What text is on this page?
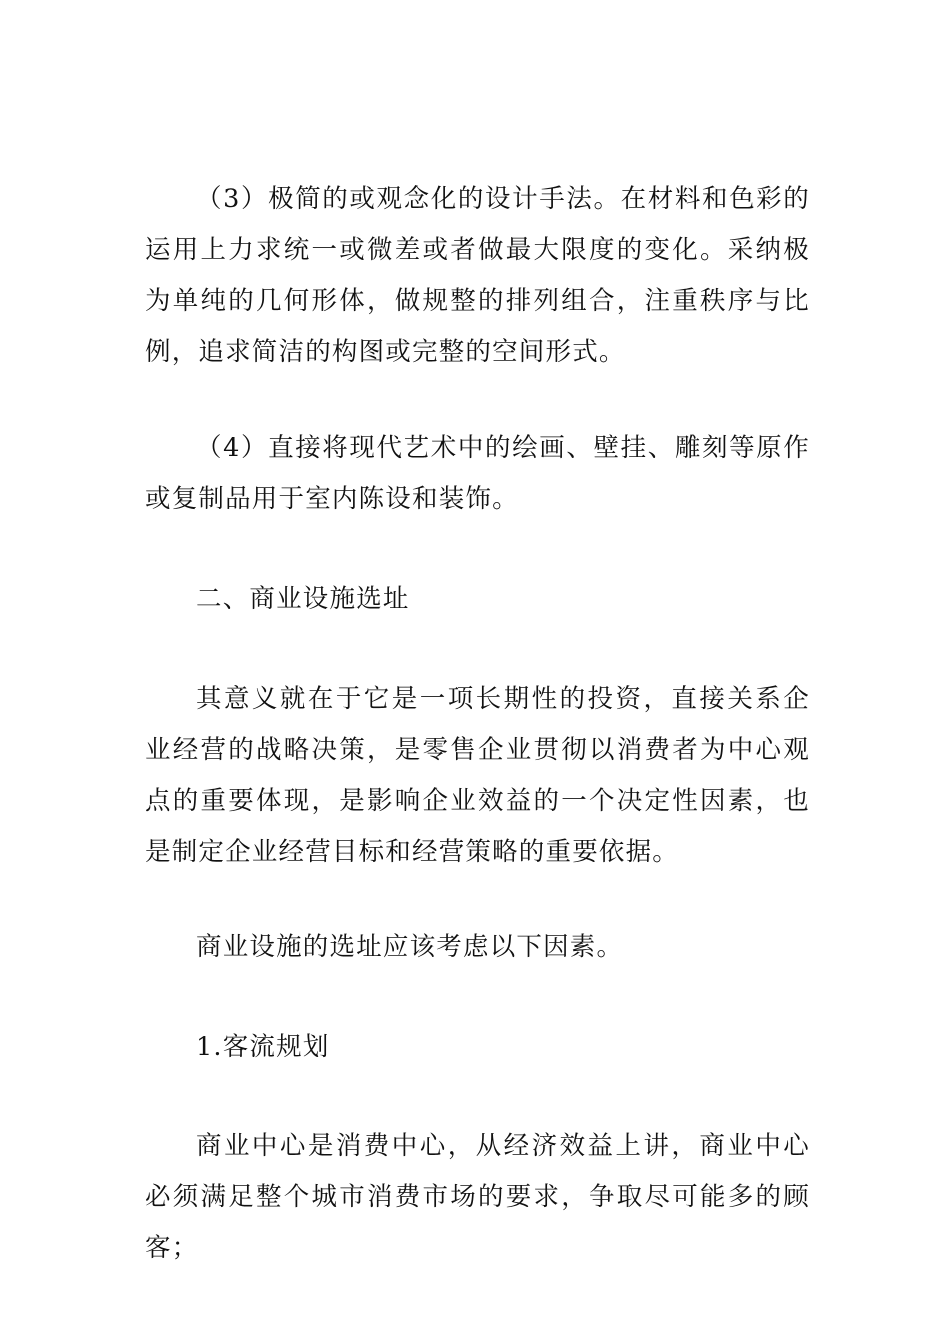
（3）极简的或观念化的设计手法。在材料和色彩的运用上力求统一或微差或者做最大限度的变化。采纳极为单纯的几何形体，做规整的排列组合，注重秩序与比例，追求简洁的构图或完整的空间形式。

（4）直接将现代艺术中的绘画、壁挂、雕刻等原作或复制品用于室内陈设和装饰。

二、商业设施选址

其意义就在于它是一项长期性的投资，直接关系企业经营的战略决策，是零售企业贯彻以消费者为中心观点的重要体现，是影响企业效益的一个决定性因素，也是制定企业经营目标和经营策略的重要依据。

商业设施的选址应该考虑以下因素。

1.客流规划

商业中心是消费中心，从经济效益上讲，商业中心必须满足整个城市消费市场的要求，争取尽可能多的顾客；
